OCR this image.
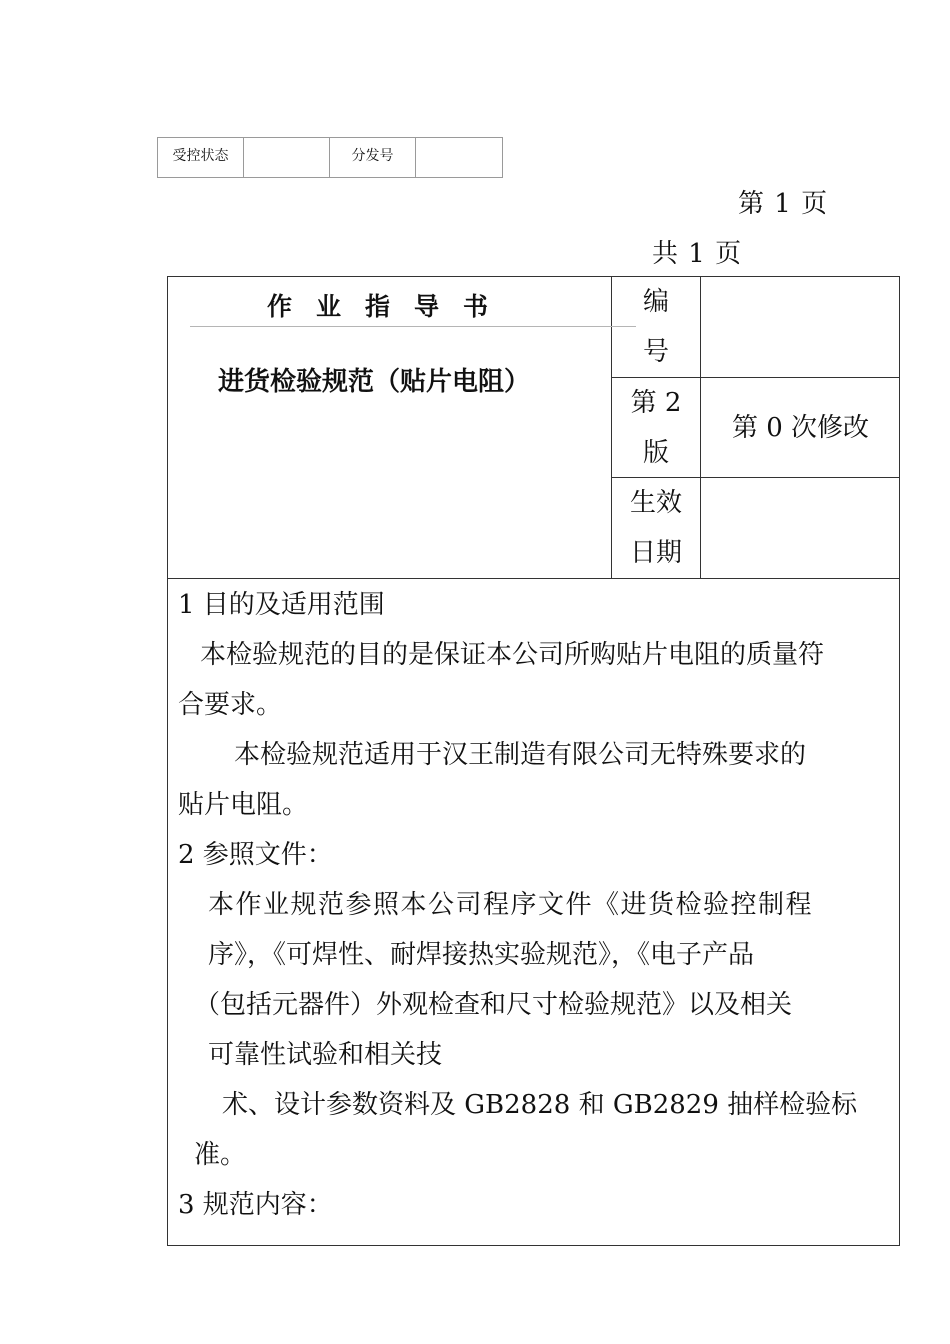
受控状态	分发号
第 1 页
共 1 页
作业指导书
进货检验规范（贴片电阻）
编
号
第 2
版
第 0 次修改
生效
日期
1 目的及适用范围
本检验规范的目的是保证本公司所购贴片电阻的质量符
合要求。
本检验规范适用于汉王制造有限公司无特殊要求的
贴片电阻。
2 参照文件：
本作业规范参照本公司程序文件《进货检验控制程
序》，《可焊性、耐焊接热实验规范》，《电子产品
（包括元器件）外观检查和尺寸检验规范》以及相关
可靠性试验和相关技
术、设计参数资料及 GB2828 和 GB2829 抽样检验标
准。
3 规范内容：
